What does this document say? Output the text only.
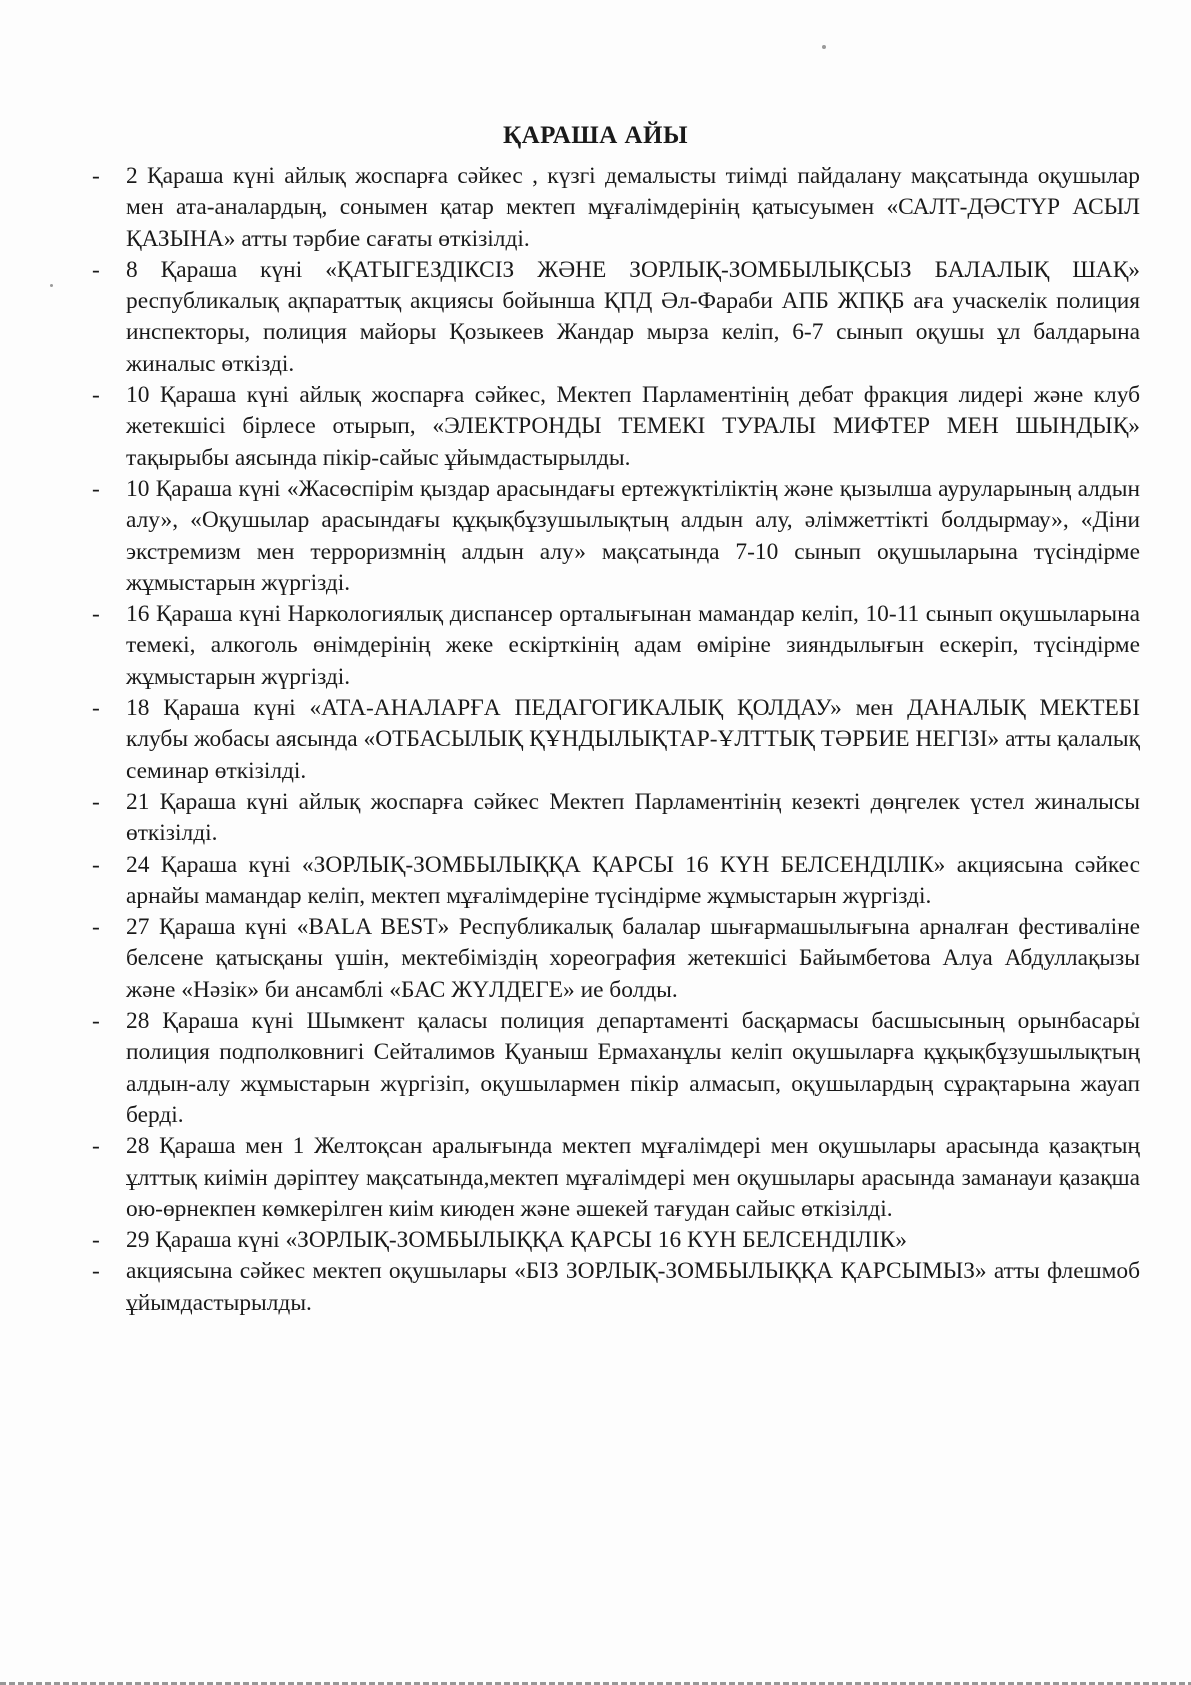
ҚАРАША АЙЫ
- 2 Қараша күні айлық жоспарға сәйкес , күзгі демалысты тиімді пайдалану мақсатында оқушылар мен ата-аналардың, сонымен қатар мектеп мұғалімдерінің қатысуымен «САЛТ-ДӘСТҮР АСЫЛ ҚАЗЫНА» атты тәрбие сағаты өткізілді.
- 8 Қараша күні «ҚАТЫГЕЗДІКСІЗ ЖӘНЕ ЗОРЛЫҚ-ЗОМБЫЛЫҚСЫЗ БАЛАЛЫҚ ШАҚ» республикалық ақпараттық акциясы бойынша ҚПД Әл-Фараби АПБ ЖПҚБ аға учаскелік полиция инспекторы, полиция майоры Қозыкеев Жандар мырза келіп, 6-7 сынып оқушы ұл балдарына жиналыс өткізді.
- 10 Қараша күні айлық жоспарға сәйкес, Мектеп Парламентінің дебат фракция лидері және клуб жетекшісі бірлесе отырып, «ЭЛЕКТРОНДЫ ТЕМЕКІ ТУРАЛЫ МИФТЕР МЕН ШЫНДЫҚ» тақырыбы аясында пікір-сайыс ұйымдастырылды.
- 10 Қараша күні «Жасөспірім қыздар арасындағы ертежүктіліктің және қызылша ауруларының алдын алу», «Оқушылар арасындағы құқықбұзушылықтың алдын алу, әлімжеттікті болдырмау», «Діни экстремизм мен терроризмнің алдын алу» мақсатында 7-10 сынып оқушыларына түсіндірме жұмыстарын жүргізді.
- 16 Қараша күні Наркологиялық диспансер орталығынан мамандар келіп, 10-11 сынып оқушыларына темекі, алкоголь өнімдерінің жеке ескірткінің адам өміріне зияндылығын ескеріп, түсіндірме жұмыстарын жүргізді.
- 18 Қараша күні «АТА-АНАЛАРҒА ПЕДАГОГИКАЛЫҚ ҚОЛДАУ» мен ДАНАЛЫҚ МЕКТЕБІ клубы жобасы аясында «ОТБАСЫЛЫҚ ҚҰНДЫЛЫҚТАР-ҰЛТТЫҚ ТӘРБИЕ НЕГІЗІ» атты қалалық семинар өткізілді.
- 21 Қараша күні айлық жоспарға сәйкес Мектеп Парламентінің кезекті дөңгелек үстел жиналысы өткізілді.
- 24 Қараша күні «ЗОРЛЫҚ-ЗОМБЫЛЫҚҚА ҚАРСЫ 16 КҮН БЕЛСЕНДІЛІК» акциясына сәйкес арнайы мамандар келіп, мектеп мұғалімдеріне түсіндірме жұмыстарын жүргізді.
- 27 Қараша күні «BALA BEST» Республикалық балалар шығармашылығына арналған фестиваліне белсене қатысқаны үшін, мектебіміздің хореография жетекшісі Байымбетова Алуа Абдуллақызы және «Нәзік» би ансамблі «БАС ЖҮЛДЕГЕ» ие болды.
- 28 Қараша күні Шымкент қаласы полиция департаменті басқармасы басшысының орынбасары полиция подполковнигі Сейталимов Қуаныш Ермаханұлы келіп оқушыларға құқықбұзушылықтың алдын-алу жұмыстарын жүргізіп, оқушылармен пікір алмасып, оқушылардың сұрақтарына жауап берді.
- 28 Қараша мен 1 Желтоқсан аралығында мектеп мұғалімдері мен оқушылары арасында қазақтың ұлттық киімін дәріптеу мақсатында,мектеп мұғалімдері мен оқушылары арасында заманауи қазақша ою-өрнекпен көмкерілген киім киюден және әшекей тағудан сайыс өткізілді.
- 29 Қараша күні «ЗОРЛЫҚ-ЗОМБЫЛЫҚҚА ҚАРСЫ 16 КҮН БЕЛСЕНДІЛІК»
- акциясына сәйкес мектеп оқушылары «БІЗ ЗОРЛЫҚ-ЗОМБЫЛЫҚҚА ҚАРСЫМЫЗ» атты флешмоб ұйымдастырылды.
